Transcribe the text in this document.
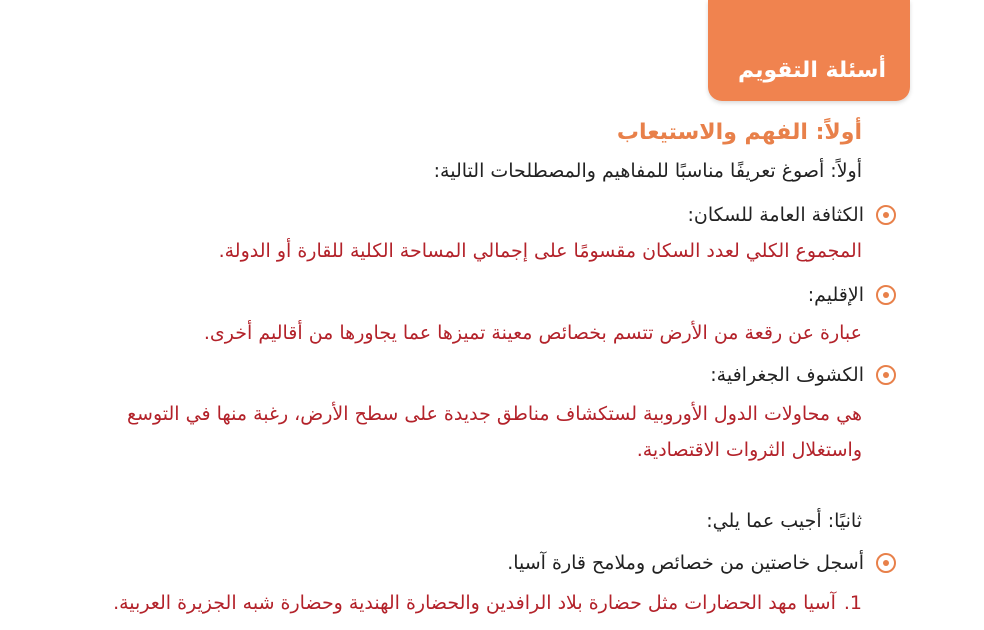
أسئلة التقويم
أولاً: الفهم والاستيعاب
أولاً: أصوغ تعريفًا مناسبًا للمفاهيم والمصطلحات التالية:
الكثافة العامة للسكان:
المجموع الكلي لعدد السكان مقسومًا على إجمالي المساحة الكلية للقارة أو الدولة.
الإقليم:
عبارة عن رقعة من الأرض تتسم بخصائص معينة تميزها عما يجاورها من أقاليم أخرى.
الكشوف الجغرافية:
هي محاولات الدول الأوروبية لستكشاف مناطق جديدة على سطح الأرض، رغبة منها في التوسع واستغلال الثروات الاقتصادية.
ثانيًا: أجيب عما يلي:
أسجل خاصتين من خصائص وملامح قارة آسيا.
1.آسيا مهد الحضارات مثل حضارة بلاد الرافدين والحضارة الهندية وحضارة شبه الجزيرة العربية.
